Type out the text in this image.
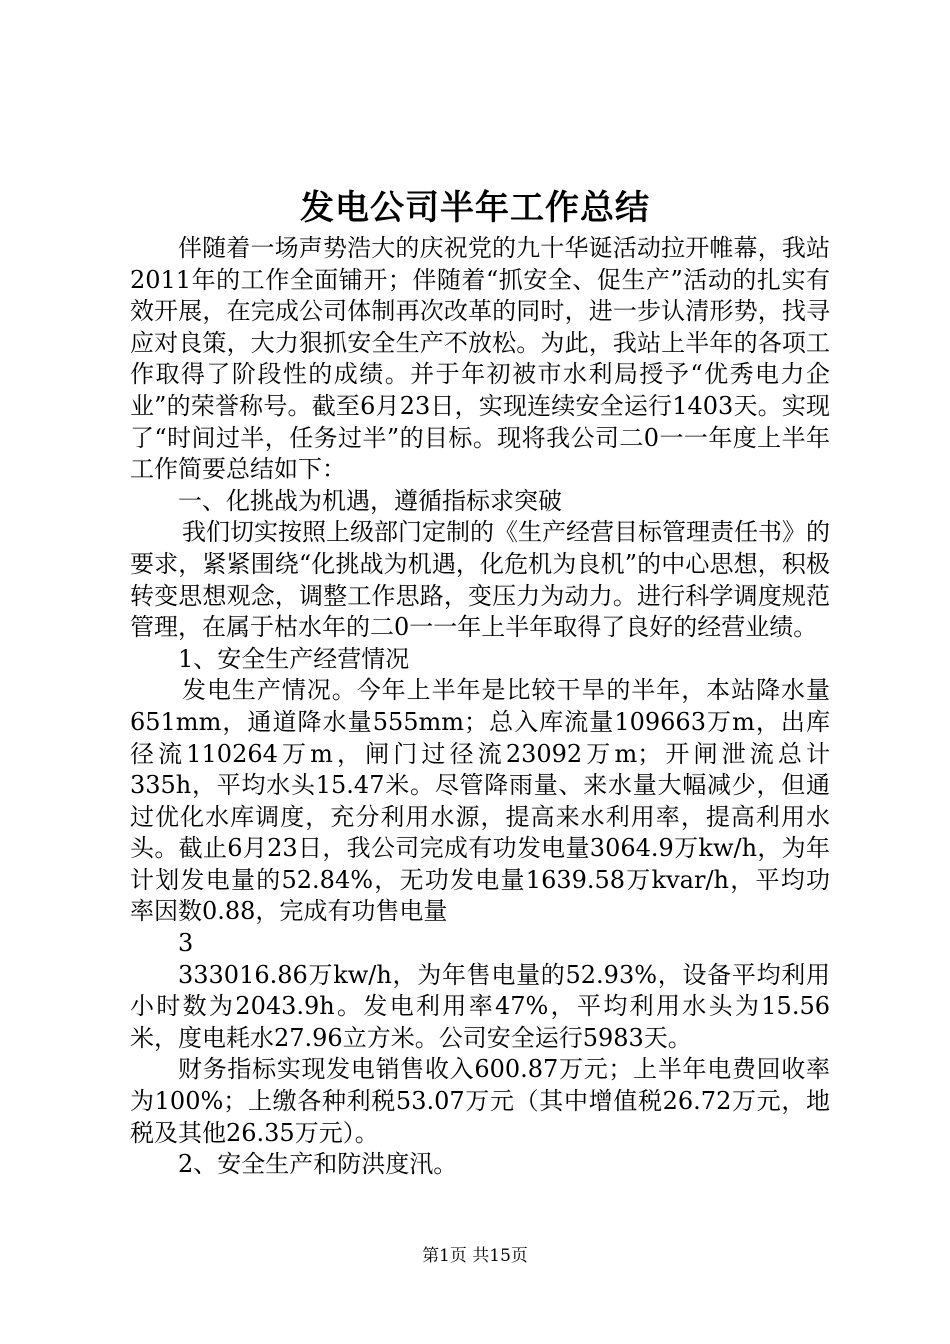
发电公司半年工作总结

伴随着一场声势浩大的庆祝党的九十华诞活动拉开帷幕，我站2011年的工作全面铺开；伴随着“抓安全、促生产”活动的扎实有效开展，在完成公司体制再次改革的同时，进一步认清形势，找寻应对良策，大力狠抓安全生产不放松。为此，我站上半年的各项工作取得了阶段性的成绩。并于年初被市水利局授予“优秀电力企业”的荣誉称号。截至6月23日，实现连续安全运行1403天。实现了“时间过半，任务过半”的目标。现将我公司二0一一年度上半年工作简要总结如下：

一、化挑战为机遇，遵循指标求突破

我们切实按照上级部门定制的《生产经营目标管理责任书》的要求，紧紧围绕“化挑战为机遇，化危机为良机”的中心思想，积极转变思想观念，调整工作思路，变压力为动力。进行科学调度规范管理，在属于枯水年的二0一一年上半年取得了良好的经营业绩。

1、安全生产经营情况

发电生产情况。今年上半年是比较干旱的半年，本站降水量651mm，通道降水量555mm；总入库流量109663万m，出库径流110264万m，闸门过径流23092万m；开闸泄流总计335h，平均水头15.47米。尽管降雨量、来水量大幅减少，但通过优化水库调度，充分利用水源，提高来水利用率，提高利用水头。截止6月23日，我公司完成有功发电量3064.9万kw/h，为年计划发电量的52.84%，无功发电量1639.58万kvar/h，平均功率因数0.88，完成有功售电量

3

333016.86万kw/h，为年售电量的52.93%，设备平均利用小时数为2043.9h。发电利用率47%，平均利用水头为15.56米，度电耗水27.96立方米。公司安全运行5983天。

财务指标实现发电销售收入600.87万元；上半年电费回收率为100%；上缴各种利税53.07万元（其中增值税26.72万元，地税及其他26.35万元）。

2、安全生产和防洪度汛。

第1页 共15页
